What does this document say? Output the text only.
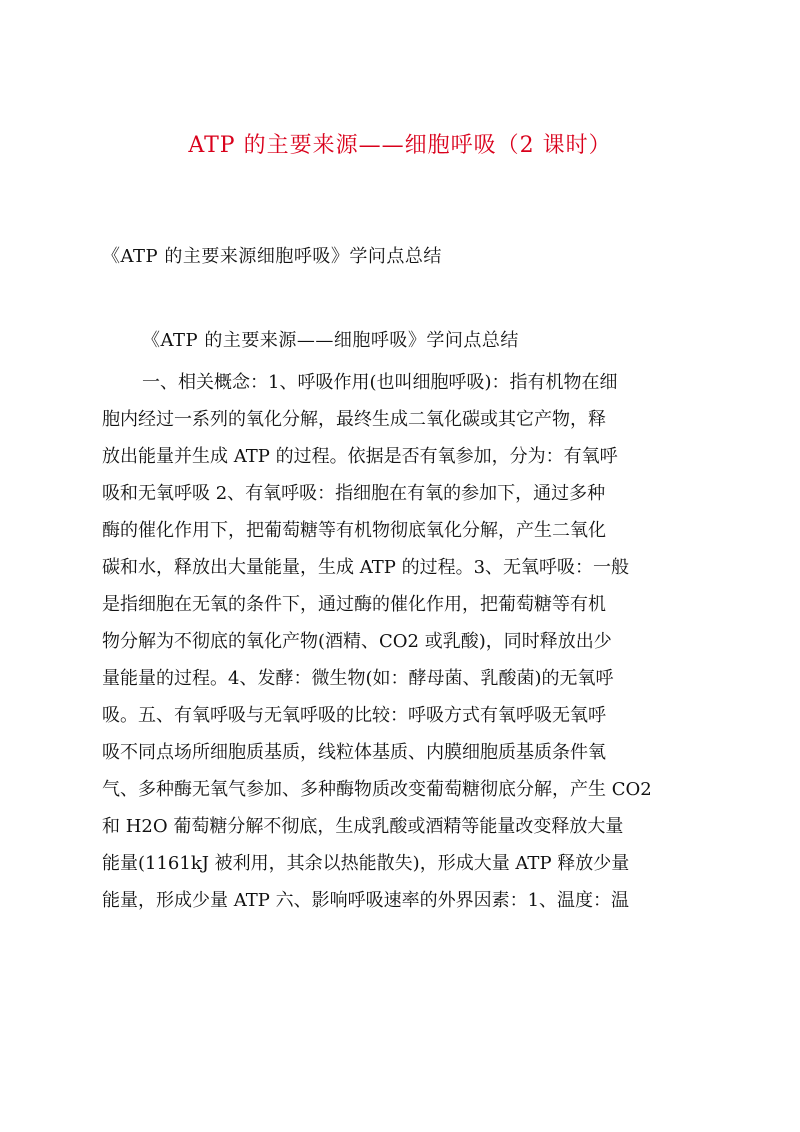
ATP 的主要来源——细胞呼吸（2 课时）
《ATP 的主要来源细胞呼吸》学问点总结
《ATP 的主要来源——细胞呼吸》学问点总结
一、相关概念：1、呼吸作用(也叫细胞呼吸)：指有机物在细
胞内经过一系列的氧化分解，最终生成二氧化碳或其它产物，释
放出能量并生成 ATP 的过程。依据是否有氧参加，分为：有氧呼
吸和无氧呼吸 2、有氧呼吸：指细胞在有氧的参加下，通过多种
酶的催化作用下，把葡萄糖等有机物彻底氧化分解，产生二氧化
碳和水，释放出大量能量，生成 ATP 的过程。3、无氧呼吸：一般
是指细胞在无氧的条件下，通过酶的催化作用，把葡萄糖等有机
物分解为不彻底的氧化产物(酒精、CO2 或乳酸)，同时释放出少
量能量的过程。4、发酵：微生物(如：酵母菌、乳酸菌)的无氧呼
吸。五、有氧呼吸与无氧呼吸的比较：呼吸方式有氧呼吸无氧呼
吸不同点场所细胞质基质，线粒体基质、内膜细胞质基质条件氧
气、多种酶无氧气参加、多种酶物质改变葡萄糖彻底分解，产生 CO2
和 H2O 葡萄糖分解不彻底，生成乳酸或酒精等能量改变释放大量
能量(1161kJ 被利用，其余以热能散失)，形成大量 ATP 释放少量
能量，形成少量 ATP 六、影响呼吸速率的外界因素：1、温度：温
